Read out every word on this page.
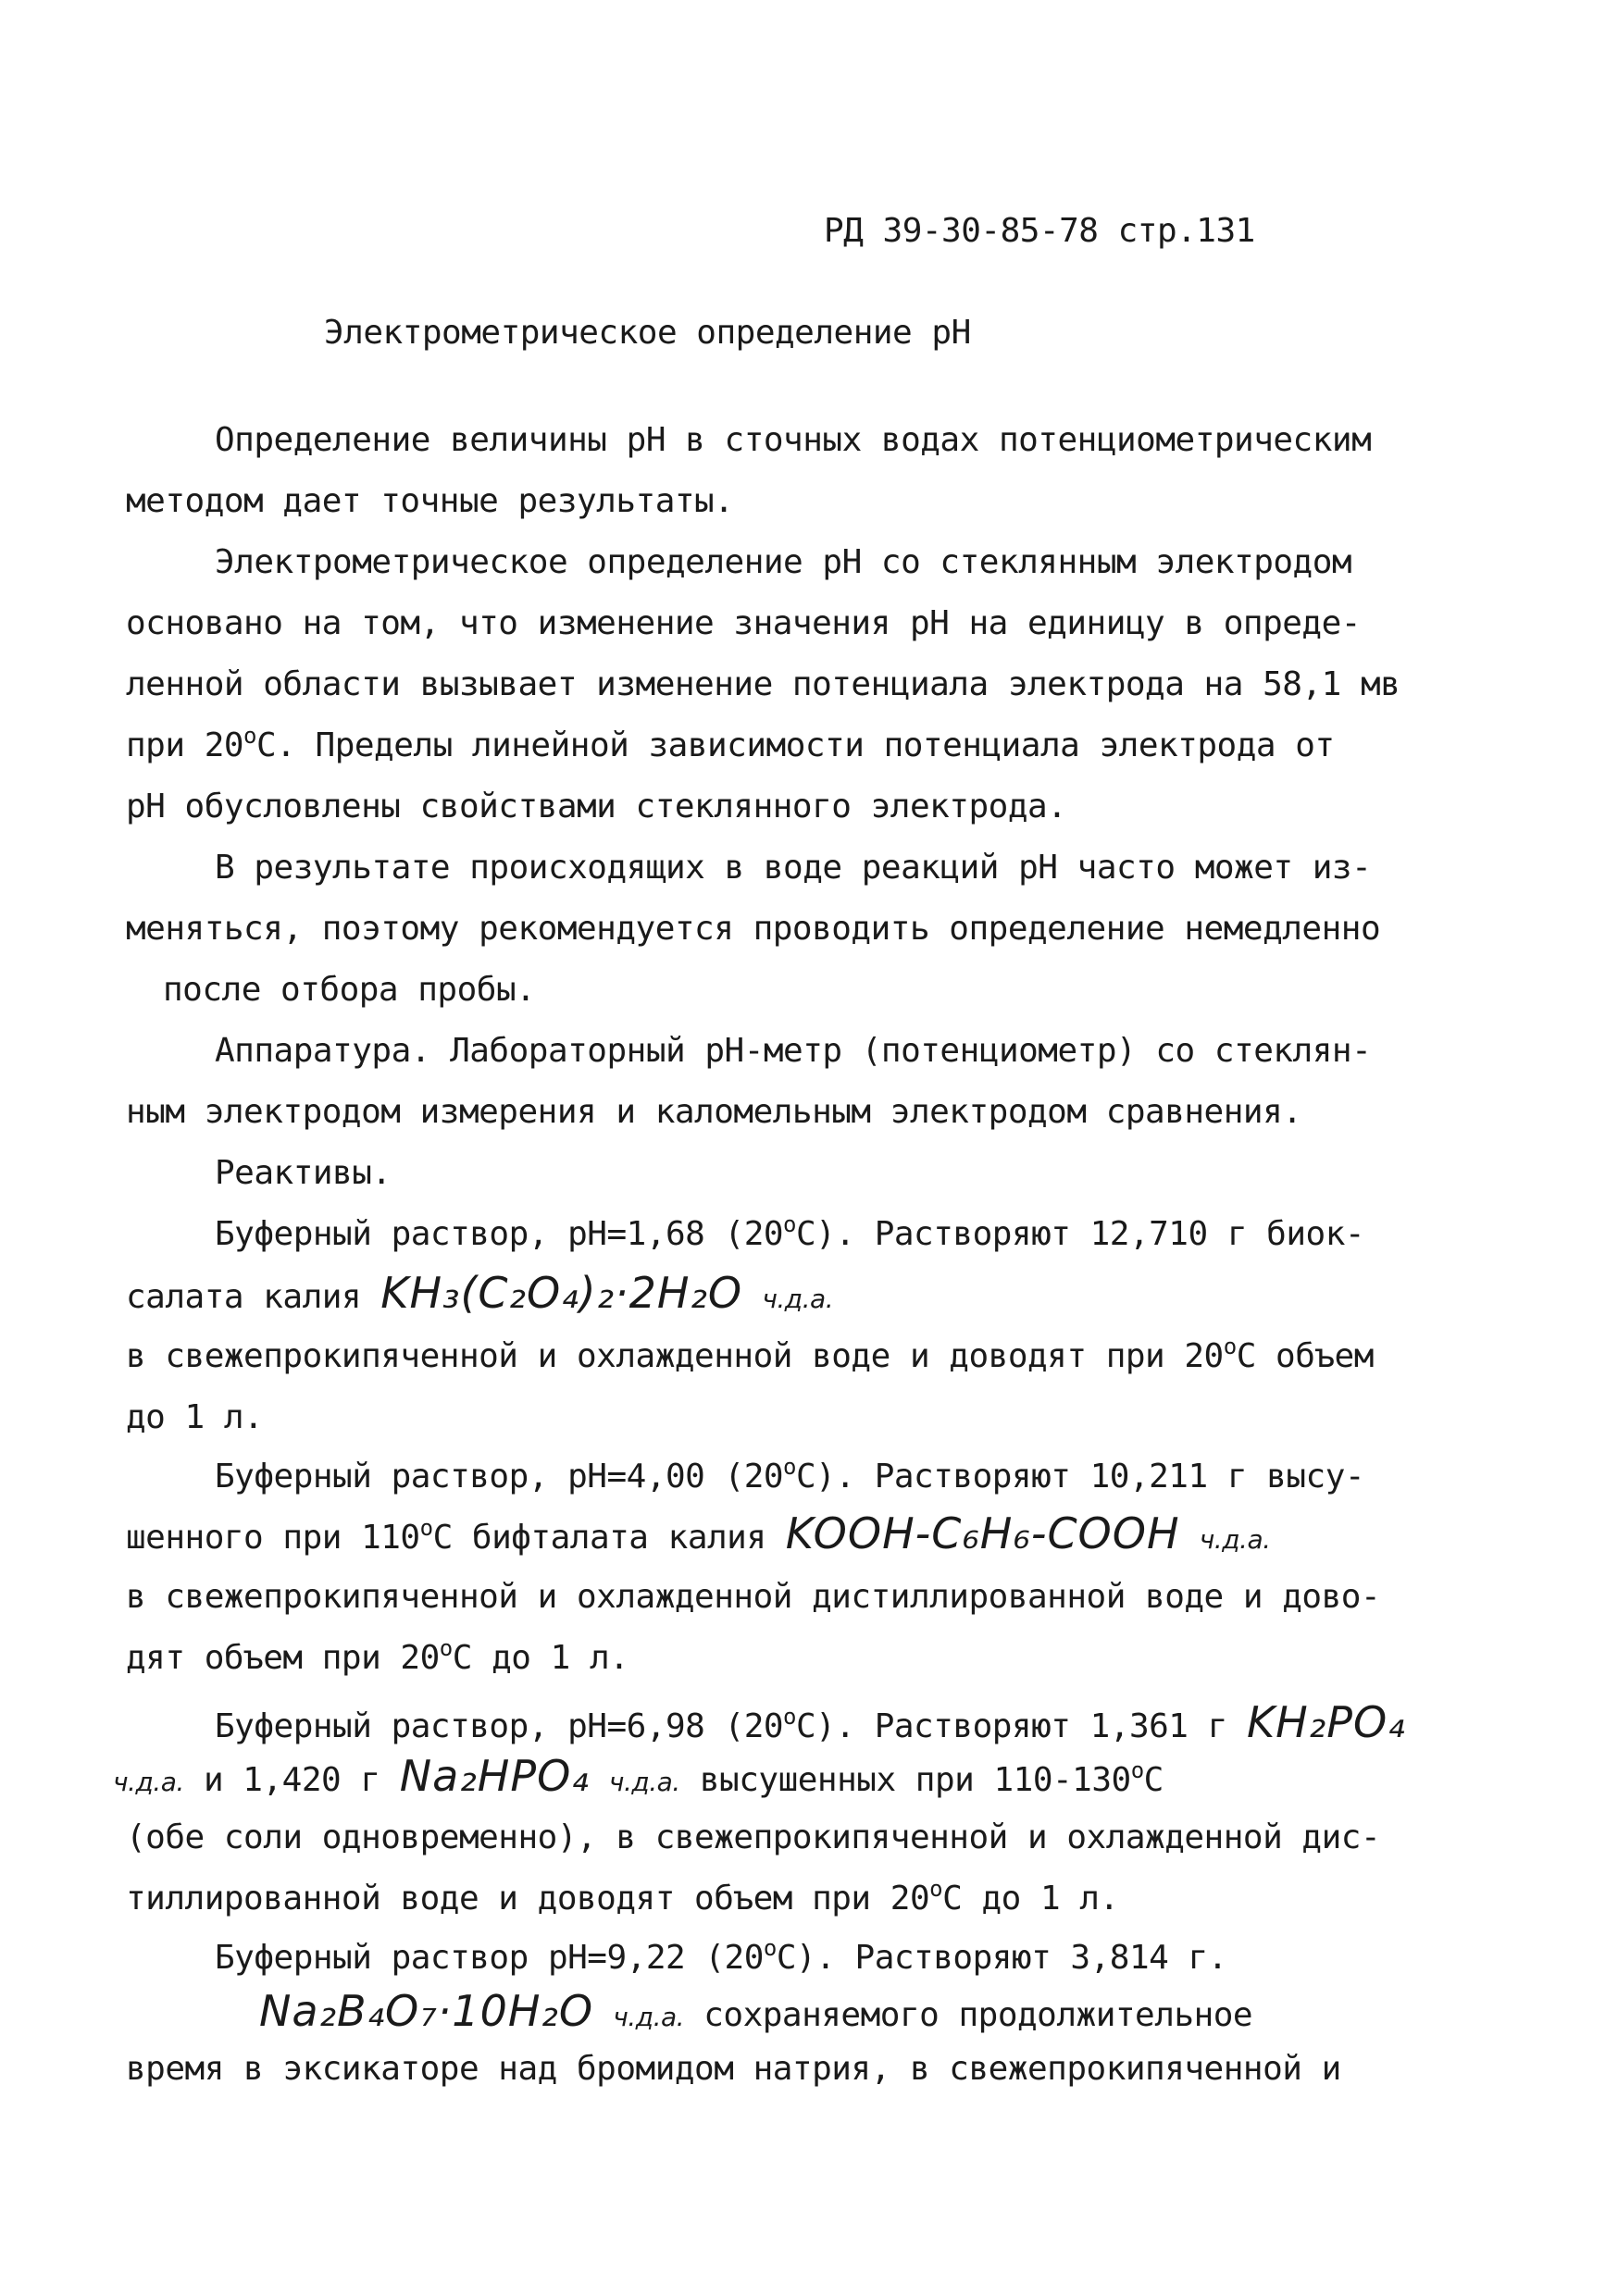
РД 39-30-85-78 стр.131
Электрометрическое определение рН
Определение величины рН в сточных водах потенциометрическим
методом дает точные результаты.
Электрометрическое определение рН со стеклянным электродом
основано на том, что изменение значения рН на единицу в опреде-
ленной области вызывает изменение потенциала электрода на 58,1 мв
при $20^оС$. Пределы линейной зависимости потенциала электрода от
рН обусловлены свойствами стеклянного электрода.
В результате происходящих в воде реакций рН часто может из-
меняться, поэтому рекомендуется проводить определение немедленно
после отбора пробы.
Аппаратура. Лабораторный рН-метр (потенциометр) со стеклян-
ным электродом измерения и каломельным электродом сравнения.
Реактивы.
Буферный раствор, рН=1,68 $(20^оС)$. Растворяют 12,710 г биок-
салата калия KH₃(C₂O₄)₂·2H₂O ч.д.а.
в свежепрокипяченной и охлажденной воде и доводят при $20^оС$ объем
до 1 л.
Буферный раствор, рН=4,00 $(20^оС)$. Растворяют 10,211 г высу-
шенного при $110^оС$ бифталата калия KOOH-C₆H₆-COOH ч.д.а.
в свежепрокипяченной и охлажденной дистиллированной воде и дово-
дят объем при $20^оС$ до 1 л.
Буферный раствор, рН=6,98 $(20^оС)$. Растворяют 1,361 г KH₂PO₄
ч.д.а. и 1,420 г Na₂HPO₄ ч.д.а. высушенных при $110-130^оС$
(обе соли одновременно), в свежепрокипяченной и охлажденной дис-
тиллированной воде и доводят объем при $20^оС$ до 1 л.
Буферный раствор рН=9,22 $(20^оС)$. Растворяют 3,814 г.
Na₂B₄O₇·10H₂O ч.д.а. сохраняемого продолжительное
время в эксикаторе над бромидом натрия, в свежепрокипяченной и
